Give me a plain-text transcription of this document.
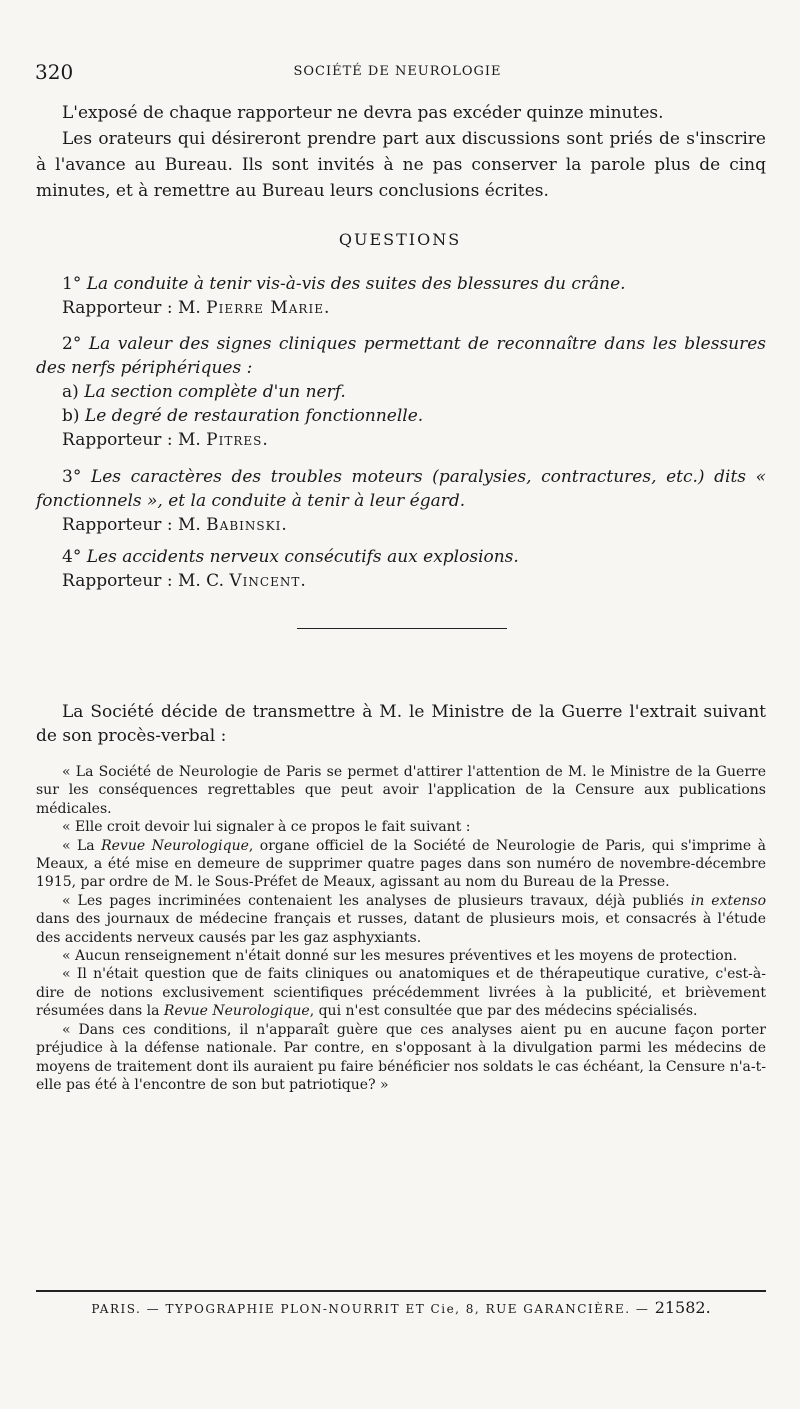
320	SOCIÉTÉ DE NEUROLOGIE

L'exposé de chaque rapporteur ne devra pas excéder quinze minutes.

Les orateurs qui désireront prendre part aux discussions sont priés de s'inscrire à l'avance au Bureau. Ils sont invités à ne pas conserver la parole plus de cinq minutes, et à remettre au Bureau leurs conclusions écrites.

QUESTIONS

1° La conduite à tenir vis-à-vis des suites des blessures du crâne.

Rapporteur : M. Pierre Marie.

2° La valeur des signes cliniques permettant de reconnaître dans les blessures des nerfs périphériques :

a) La section complète d'un nerf.

b) Le degré de restauration fonctionnelle.

Rapporteur : M. Pitres.

3° Les caractères des troubles moteurs (paralysies, contractures, etc.) dits « fonctionnels », et la conduite à tenir à leur égard.

Rapporteur : M. Babinski.

4° Les accidents nerveux consécutifs aux explosions.

Rapporteur : M. C. Vincent.

La Société décide de transmettre à M. le Ministre de la Guerre l'extrait suivant de son procès-verbal :

« La Société de Neurologie de Paris se permet d'attirer l'attention de M. le Ministre de la Guerre sur les conséquences regrettables que peut avoir l'application de la Censure aux publications médicales.

« Elle croit devoir lui signaler à ce propos le fait suivant :

« La Revue Neurologique, organe officiel de la Société de Neurologie de Paris, qui s'imprime à Meaux, a été mise en demeure de supprimer quatre pages dans son numéro de novembre-décembre 1915, par ordre de M. le Sous-Préfet de Meaux, agissant au nom du Bureau de la Presse.

« Les pages incriminées contenaient les analyses de plusieurs travaux, déjà publiés in extenso dans des journaux de médecine français et russes, datant de plusieurs mois, et consacrés à l'étude des accidents nerveux causés par les gaz asphyxiants.

« Aucun renseignement n'était donné sur les mesures préventives et les moyens de protection.

« Il n'était question que de faits cliniques ou anatomiques et de thérapeutique curative, c'est-à-dire de notions exclusivement scientifiques précédemment livrées à la publicité, et brièvement résumées dans la Revue Neurologique, qui n'est consultée que par des médecins spécialisés.

« Dans ces conditions, il n'apparaît guère que ces analyses aient pu en aucune façon porter préjudice à la défense nationale. Par contre, en s'opposant à la divulgation parmi les médecins de moyens de traitement dont ils auraient pu faire bénéficier nos soldats le cas échéant, la Censure n'a-t-elle pas été à l'encontre de son but patriotique? »

PARIS. — TYPOGRAPHIE PLON-NOURRIT ET Cie, 8, RUE GARANCIÈRE. — 21582.
